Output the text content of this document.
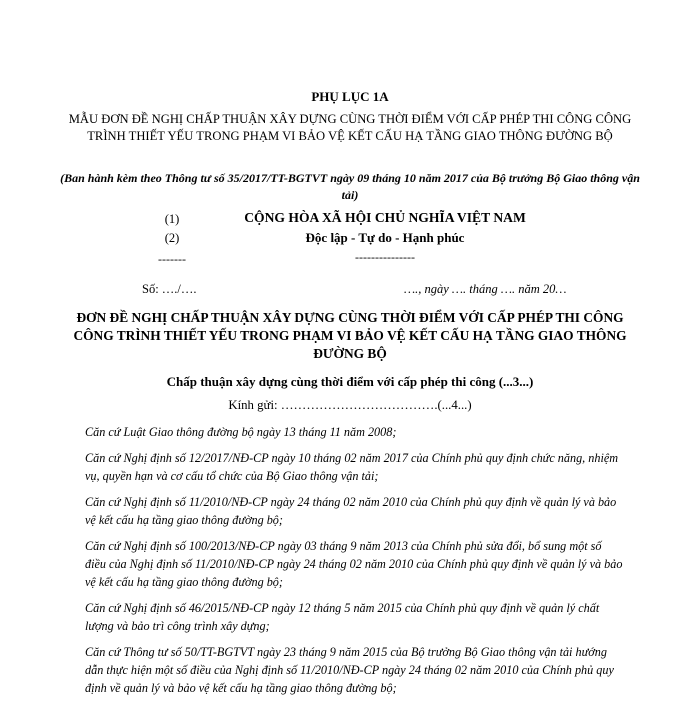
PHỤ LỤC 1A
MẪU ĐƠN ĐỀ NGHỊ CHẤP THUẬN XÂY DỰNG CÙNG THỜI ĐIỂM VỚI CẤP PHÉP THI CÔNG CÔNG TRÌNH THIẾT YẾU TRONG PHẠM VI BẢO VỆ KẾT CẤU HẠ TẦNG GIAO THÔNG ĐƯỜNG BỘ
(Ban hành kèm theo Thông tư số 35/2017/TT-BGTVT ngày 09 tháng 10 năm 2017 của Bộ trưởng Bộ Giao thông vận tải)
(1)
(2)
-------
CỘNG HÒA XÃ HỘI CHỦ NGHĨA VIỆT NAM
Độc lập - Tự do - Hạnh phúc
---------------
Số: …./….	…., ngày …. tháng …. năm 20…
ĐƠN ĐỀ NGHỊ CHẤP THUẬN XÂY DỰNG CÙNG THỜI ĐIỂM VỚI CẤP PHÉP THI CÔNG CÔNG TRÌNH THIẾT YẾU TRONG PHẠM VI BẢO VỆ KẾT CẤU HẠ TẦNG GIAO THÔNG ĐƯỜNG BỘ
Chấp thuận xây dựng cùng thời điểm với cấp phép thi công (...3...)
Kính gửi: ……………………………….(...4...)
Căn cứ Luật Giao thông đường bộ ngày 13 tháng 11 năm 2008;
Căn cứ Nghị định số 12/2017/NĐ-CP ngày 10 tháng 02 năm 2017 của Chính phủ quy định chức năng, nhiệm vụ, quyền hạn và cơ cấu tổ chức của Bộ Giao thông vận tải;
Căn cứ Nghị định số 11/2010/NĐ-CP ngày 24 tháng 02 năm 2010 của Chính phủ quy định về quản lý và bảo vệ kết cấu hạ tầng giao thông đường bộ;
Căn cứ Nghị định số 100/2013/NĐ-CP ngày 03 tháng 9 năm 2013 của Chính phủ sửa đổi, bổ sung một số điều của Nghị định số 11/2010/NĐ-CP ngày 24 tháng 02 năm 2010 của Chính phủ quy định về quản lý và bảo vệ kết cấu hạ tầng giao thông đường bộ;
Căn cứ Nghị định số 46/2015/NĐ-CP ngày 12 tháng 5 năm 2015 của Chính phủ quy định về quản lý chất lượng và bảo trì công trình xây dựng;
Căn cứ Thông tư số 50/TT-BGTVT ngày 23 tháng 9 năm 2015 của Bộ trưởng Bộ Giao thông vận tải hướng dẫn thực hiện một số điều của Nghị định số 11/2010/NĐ-CP ngày 24 tháng 02 năm 2010 của Chính phủ quy định về quản lý và bảo vệ kết cấu hạ tầng giao thông đường bộ;
